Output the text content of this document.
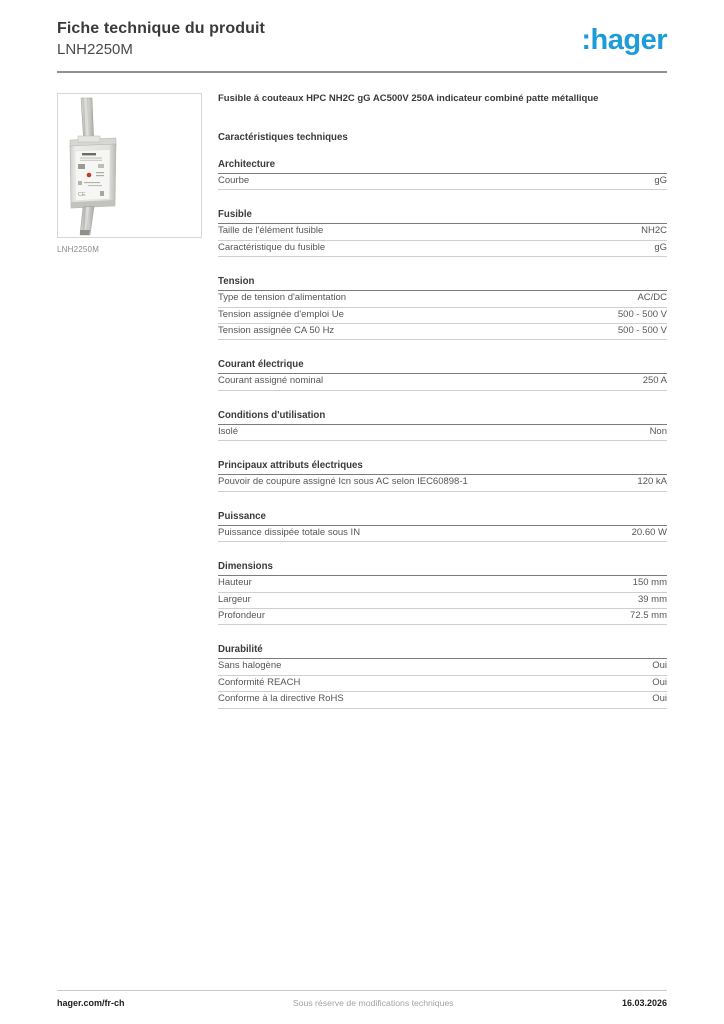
Fiche technique du produit
LNH2250M	:hager
CE
LNH2250M
Fusible á couteaux HPC NH2C gG AC500V 250A indicateur combiné patte métallique
Caractéristiques techniques
Architecture
Courbe	gG
Fusible
Taille de l'élément fusible	NH2C
Caractéristique du fusible	gG
Tension
Type de tension d'alimentation	AC/DC
Tension assignée d'emploi Ue	500 - 500 V
Tension assignée CA 50 Hz	500 - 500 V
Courant électrique
Courant assigné nominal	250 A
Conditions d'utilisation
Isolé	Non
Principaux attributs électriques
Pouvoir de coupure assigné Icn sous AC selon IEC60898-1	120 kA
Puissance
Puissance dissipée totale sous IN	20.60 W
Dimensions
Hauteur	150 mm
Largeur	39 mm
Profondeur	72.5 mm
Durabilité
Sans halogène	Oui
Conformité REACH	Oui
Conforme à la directive RoHS	Oui
hager.com/fr-ch	Sous réserve de modifications techniques	16.03.2026
